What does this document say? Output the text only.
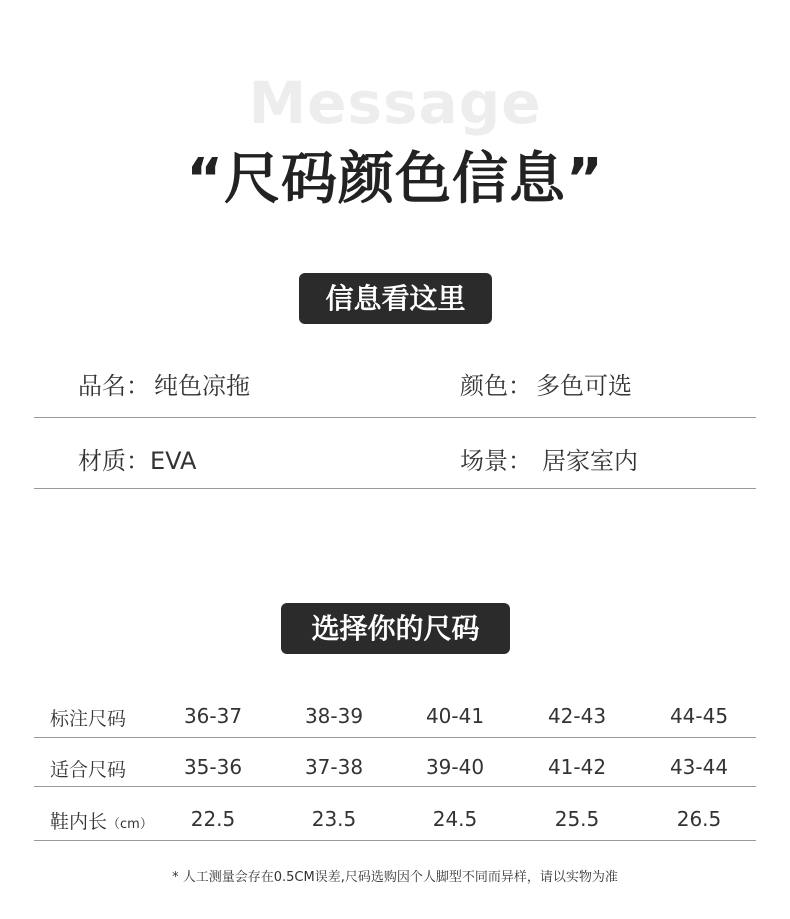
Message
“尺码颜色信息”
信息看这里
品名： 纯色凉拖	颜色： 多色可选
材质：EVA	场景： 居家室内
选择你的尺码
标注尺码	36-37	38-39	40-41	42-43	44-45
适合尺码	35-36	37-38	39-40	41-42	43-44
鞋内长（cm）	22.5	23.5	24.5	25.5	26.5
* 人工测量会存在0.5CM误差,尺码选购因个人脚型不同而异样，请以实物为准
